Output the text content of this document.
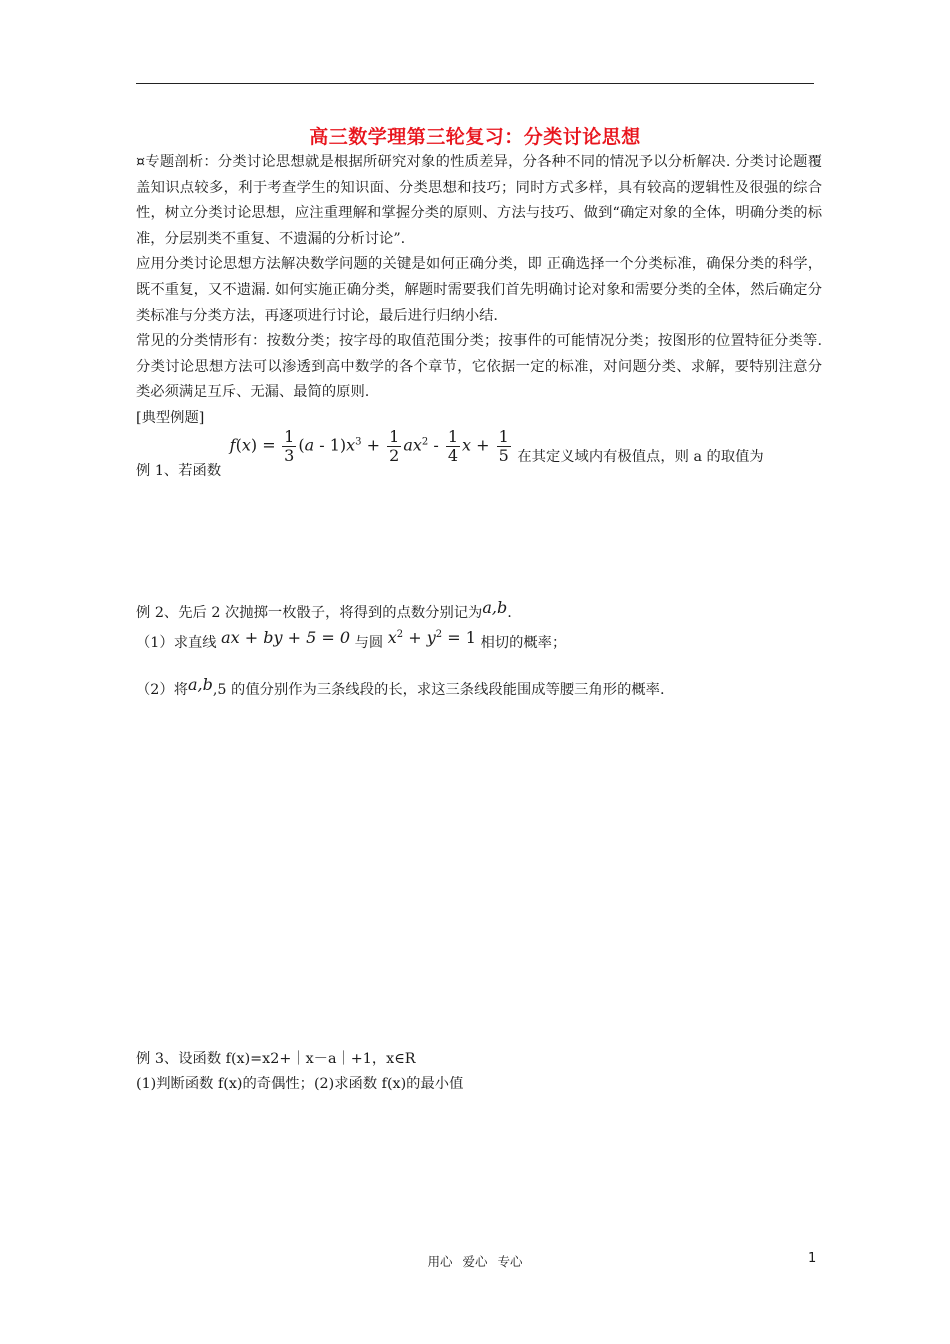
高三数学理第三轮复习：分类讨论思想

¤专题剖析：分类讨论思想就是根据所研究对象的性质差异，分各种不同的情况予以分析解决. 分类讨论题覆盖知识点较多，利于考查学生的知识面、分类思想和技巧；同时方式多样，具有较高的逻辑性及很强的综合性，树立分类讨论思想，应注重理解和掌握分类的原则、方法与技巧、做到“确定对象的全体，明确分类的标准，分层别类不重复、不遗漏的分析讨论”.

应用分类讨论思想方法解决数学问题的关键是如何正确分类，即 正确选择一个分类标准，确保分类的科学，既不重复，又不遗漏. 如何实施正确分类，解题时需要我们首先明确讨论对象和需要分类的全体，然后确定分类标准与分类方法，再逐项进行讨论，最后进行归纳小结.

常见的分类情形有：按数分类；按字母的取值范围分类；按事件的可能情况分类；按图形的位置特征分类等. 分类讨论思想方法可以渗透到高中数学的各个章节，它依据一定的标准，对问题分类、求解，要特别注意分类必须满足互斥、无漏、最简的原则.

[典型例题]

例 1、若函数 $f(x) = \frac{1}{3} (a - 1)x^3 + \frac{1}{2} ax^2 - \frac{1}{4}$ $x + \frac{1}{5}$ 在其定义域内有极值点，则 a 的取值为
例 2、先后 2 次抛掷一枚骰子，将得到的点数分别记为a,b.
（1）求直线 ax + by + 5 = 0 与圆 $x^2 + y^2 = 1$ 相切的概率；
（2）将a,b,5 的值分别作为三条线段的长，求这三条线段能围成等腰三角形的概率.
例 3、设函数 f(x)=x2+｜x－a｜+1，x∈R
(1)判断函数 f(x)的奇偶性；(2)求函数 f(x)的最小值
用心 爱心 专心	1
